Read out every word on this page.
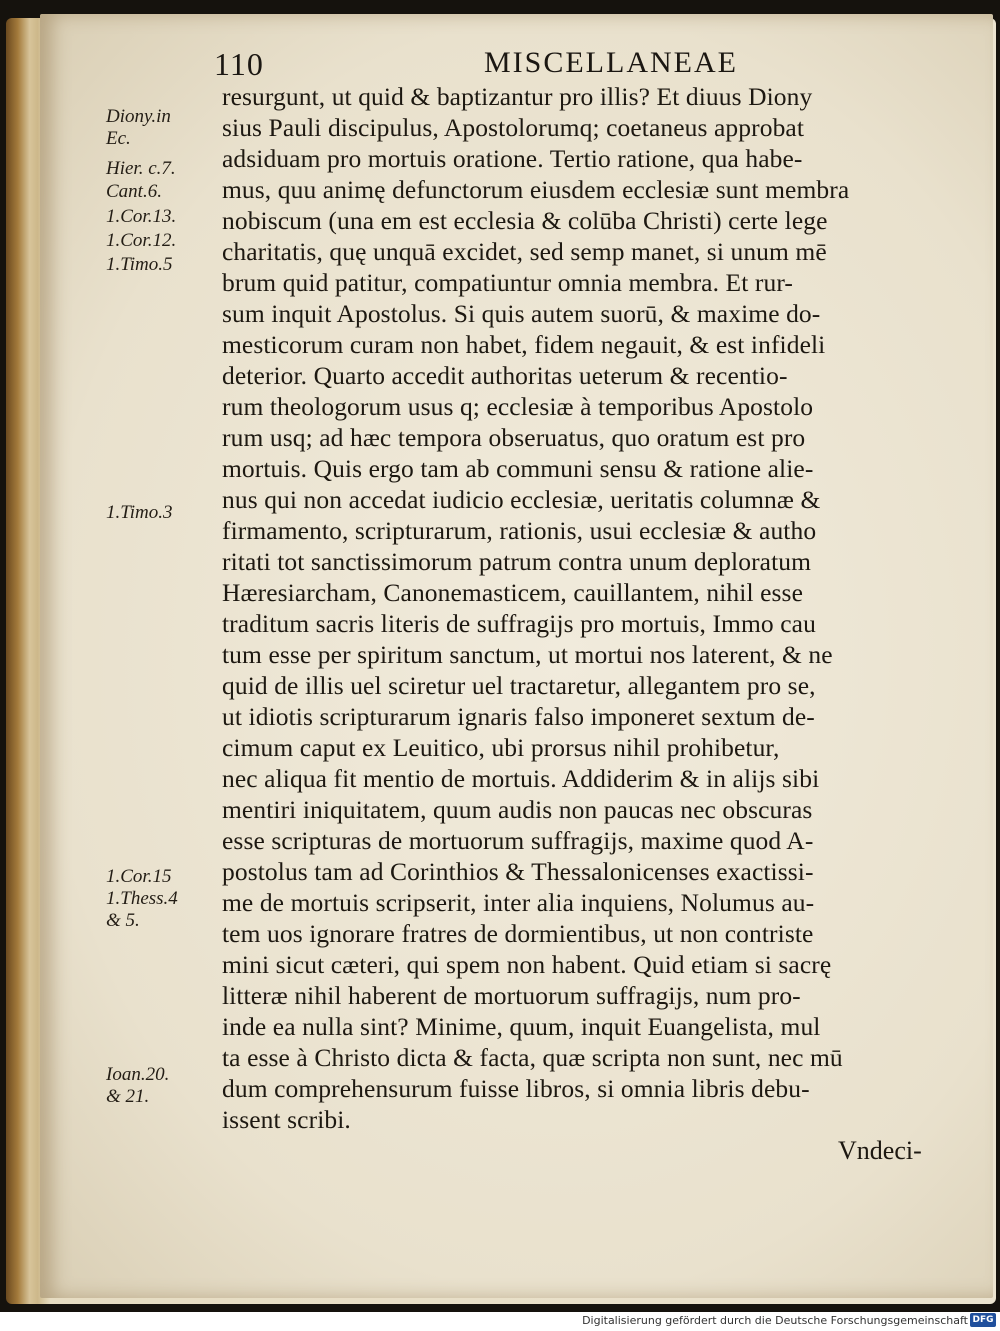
110	MISCELLANEAE
Diony.in
Ec.
Hier. c.7.
Cant.6.
1.Cor.13.
1.Cor.12.
1.Timo.5
1.Timo.3
1.Cor.15
1.Thess.4
& 5.
Ioan.20.
& 21.
resurgunt, ut quid & baptizantur pro illis? Et diuus Diony
sius Pauli discipulus, Apostolorumq; coetaneus approbat
adsiduam pro mortuis oratione. Tertio ratione, qua habe-
mus, quu animę defunctorum eiusdem ecclesiæ sunt membra
nobiscum (una em est ecclesia & colūba Christi) certe lege
charitatis, quę unquā excidet, sed semp manet, si unum mē
brum quid patitur, compatiuntur omnia membra. Et rur-
sum inquit Apostolus. Si quis autem suorū, & maxime do-
mesticorum curam non habet, fidem negauit, & est infideli
deterior. Quarto accedit authoritas ueterum & recentio-
rum theologorum usus q; ecclesiæ à temporibus Apostolo
rum usq; ad hæc tempora obseruatus, quo oratum est pro
mortuis. Quis ergo tam ab communi sensu & ratione alie-
nus qui non accedat iudicio ecclesiæ, ueritatis columnæ &
firmamento, scripturarum, rationis, usui ecclesiæ & autho
ritati tot sanctissimorum patrum contra unum deploratum
Hæresiarcham, Canonemasticem, cauillantem, nihil esse
traditum sacris literis de suffragijs pro mortuis, Immo cau
tum esse per spiritum sanctum, ut mortui nos laterent, & ne
quid de illis uel sciretur uel tractaretur, allegantem pro se,
ut idiotis scripturarum ignaris falso imponeret sextum de-
cimum caput ex Leuitico, ubi prorsus nihil prohibetur,
nec aliqua fit mentio de mortuis. Addiderim & in alijs sibi
mentiri iniquitatem, quum audis non paucas nec obscuras
esse scripturas de mortuorum suffragijs, maxime quod A-
postolus tam ad Corinthios & Thessalonicenses exactissi-
me de mortuis scripserit, inter alia inquiens, Nolumus au-
tem uos ignorare fratres de dormientibus, ut non contriste
mini sicut cæteri, qui spem non habent. Quid etiam si sacrę
litteræ nihil haberent de mortuorum suffragijs, num pro-
inde ea nulla sint? Minime, quum, inquit Euangelista, mul
ta esse à Christo dicta & facta, quæ scripta non sunt, nec mū
dum comprehensurum fuisse libros, si omnia libris debu-
issent scribi.
Vndeci-
Digitalisierung gefördert durch die Deutsche Forschungsgemeinschaft DFG
